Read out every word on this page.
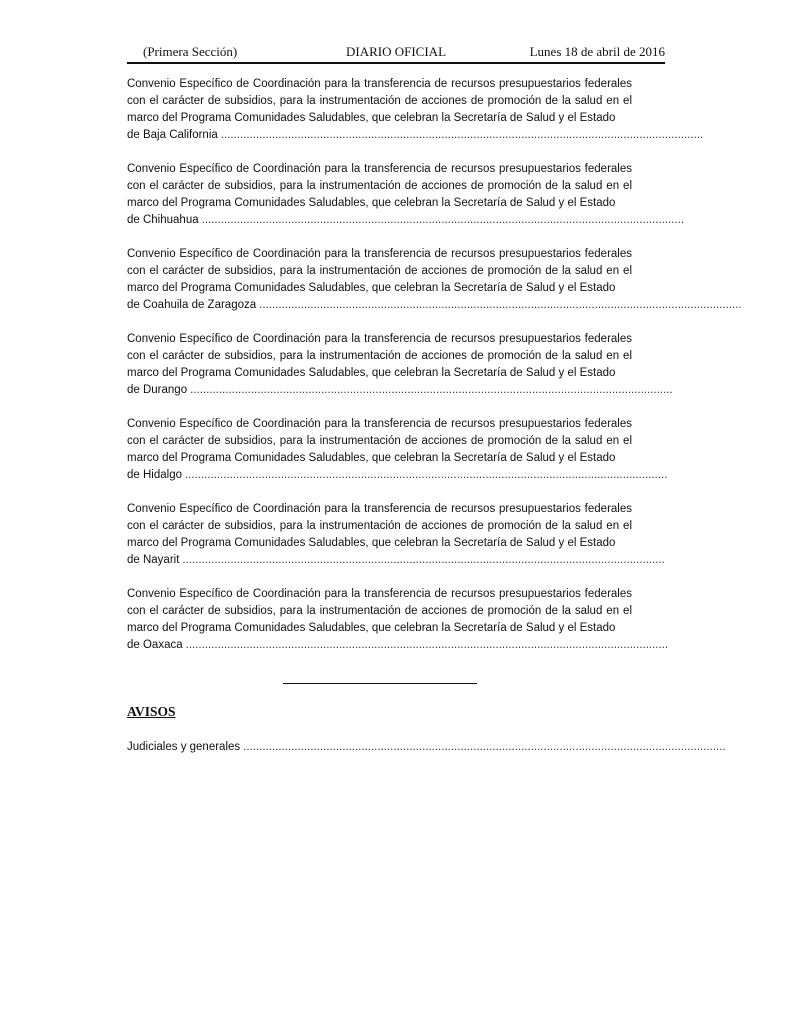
(Primera Sección)	DIARIO OFICIAL	Lunes 18 de abril de 2016
Convenio Específico de Coordinación para la transferencia de recursos presupuestarios federales con el carácter de subsidios, para la instrumentación de acciones de promoción de la salud en el marco del Programa Comunidades Saludables, que celebran la Secretaría de Salud y el Estado
de Baja California .......................................................................................................................................................
Convenio Específico de Coordinación para la transferencia de recursos presupuestarios federales con el carácter de subsidios, para la instrumentación de acciones de promoción de la salud en el marco del Programa Comunidades Saludables, que celebran la Secretaría de Salud y el Estado
de Chihuahua .......................................................................................................................................................
Convenio Específico de Coordinación para la transferencia de recursos presupuestarios federales con el carácter de subsidios, para la instrumentación de acciones de promoción de la salud en el marco del Programa Comunidades Saludables, que celebran la Secretaría de Salud y el Estado
de Coahuila de Zaragoza .......................................................................................................................................................
Convenio Específico de Coordinación para la transferencia de recursos presupuestarios federales con el carácter de subsidios, para la instrumentación de acciones de promoción de la salud en el marco del Programa Comunidades Saludables, que celebran la Secretaría de Salud y el Estado
de Durango .......................................................................................................................................................
Convenio Específico de Coordinación para la transferencia de recursos presupuestarios federales con el carácter de subsidios, para la instrumentación de acciones de promoción de la salud en el marco del Programa Comunidades Saludables, que celebran la Secretaría de Salud y el Estado
de Hidalgo .......................................................................................................................................................
Convenio Específico de Coordinación para la transferencia de recursos presupuestarios federales con el carácter de subsidios, para la instrumentación de acciones de promoción de la salud en el marco del Programa Comunidades Saludables, que celebran la Secretaría de Salud y el Estado
de Nayarit .......................................................................................................................................................
Convenio Específico de Coordinación para la transferencia de recursos presupuestarios federales con el carácter de subsidios, para la instrumentación de acciones de promoción de la salud en el marco del Programa Comunidades Saludables, que celebran la Secretaría de Salud y el Estado
de Oaxaca .......................................................................................................................................................
AVISOS
Judiciales y generales .......................................................................................................................................................
